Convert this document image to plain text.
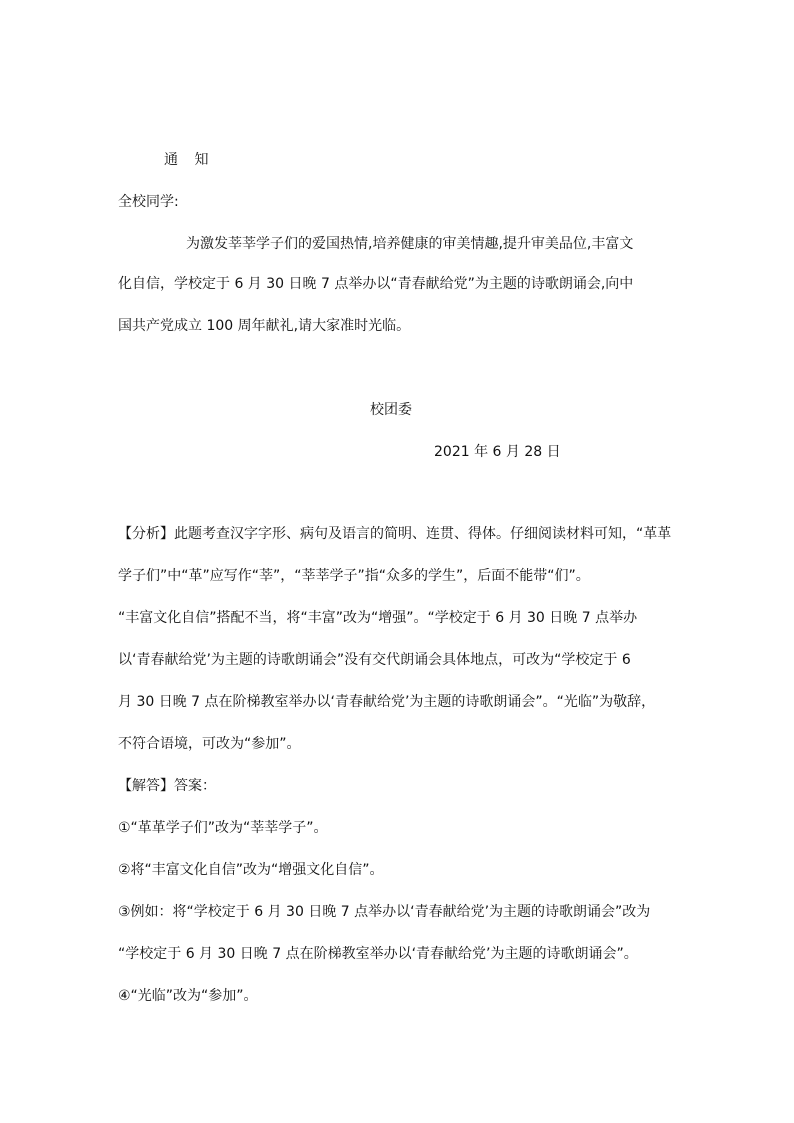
通 知
全校同学:
为激发莘莘学子们的爱国热情,培养健康的审美情趣,提升审美品位,丰富文
化自信，学校定于 6 月 30 日晚 7 点举办以“青春献给党”为主题的诗歌朗诵会,向中
国共产党成立 100 周年献礼,请大家准时光临。
校团委
2021 年 6 月 28 日
【分析】此题考查汉字字形、病句及语言的简明、连贯、得体。仔细阅读材料可知，“革革
学子们”中“革”应写作“莘”，“莘莘学子”指“众多的学生”，后面不能带“们”。
“丰富文化自信”搭配不当，将“丰富”改为“增强”。“学校定于 6 月 30 日晚 7 点举办
以‘青春献给党’为主题的诗歌朗诵会”没有交代朗诵会具体地点，可改为“学校定于 6
月 30 日晚 7 点在阶梯教室举办以‘青春献给党’为主题的诗歌朗诵会”。“光临”为敬辞，
不符合语境，可改为“参加”。
【解答】答案：
①“革革学子们”改为“莘莘学子”。
②将“丰富文化自信”改为“增强文化自信”。
③例如：将“学校定于 6 月 30 日晚 7 点举办以‘青春献给党’为主题的诗歌朗诵会”改为
“学校定于 6 月 30 日晚 7 点在阶梯教室举办以‘青春献给党’为主题的诗歌朗诵会”。
④“光临”改为“参加”。
